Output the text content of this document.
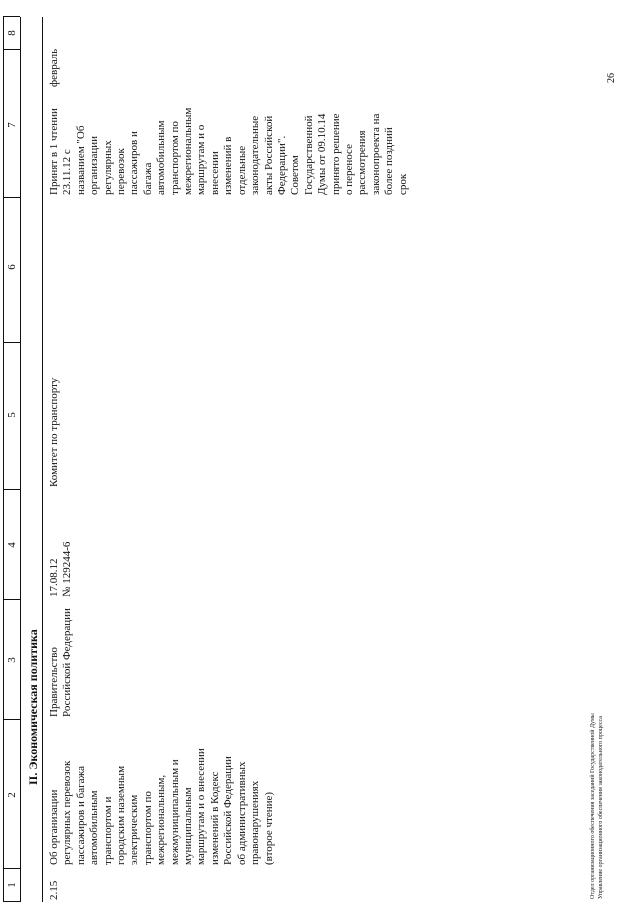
1
2
3
4
5
6
7
8
II. Экономическая политика
2.15
Об организации
регулярных перевозок
пассажиров и багажа
автомобильным
транспортом и
городским наземным
электрическим
транспортом по
межрегиональным,
межмуниципальным и
муниципальным
маршрутам и о внесении
изменений в Кодекс
Российской Федерации
об административных
правонарушениях
(второе чтение)
Правительство
Российской Федерации
17.08.12
№ 129244-6
Комитет по транспорту
Принят в 1 чтении
23.11.12 с
названием "Об
организации
регулярных
перевозок
пассажиров и
багажа
автомобильным
транспортом по
межрегиональным
маршрутам и о
внесении
изменений в
отдельные
законодательные
акты Российской
Федерации".
Советом
Государственной
Думы от 09.10.14
принято решение
о переносе
рассмотрения
законопроекта на
более поздний
срок
февраль	26
Отдел организационного обеспечения заседаний Государственной Думы Управление организационного обеспечения законодательного процесса
